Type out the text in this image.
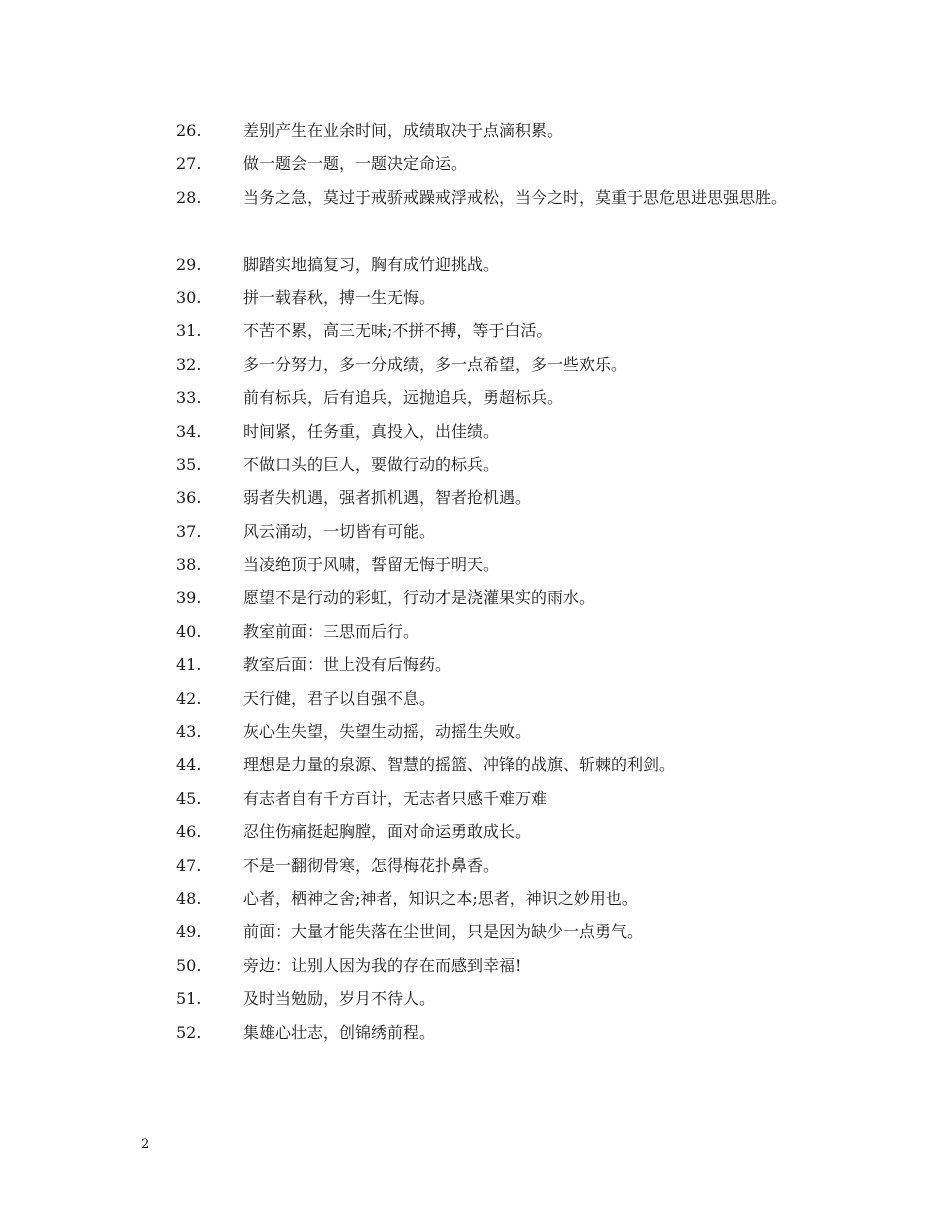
26.	差别产生在业余时间，成绩取决于点滴积累。
27.	做一题会一题，一题决定命运。
28.	当务之急，莫过于戒骄戒躁戒浮戒松，当今之时，莫重于思危思进思强思胜。
29.	脚踏实地搞复习，胸有成竹迎挑战。
30.	拼一载春秋，搏一生无悔。
31.	不苦不累，高三无味;不拼不搏，等于白活。
32.	多一分努力，多一分成绩，多一点希望，多一些欢乐。
33.	前有标兵，后有追兵，远抛追兵，勇超标兵。
34.	时间紧，任务重，真投入，出佳绩。
35.	不做口头的巨人，要做行动的标兵。
36.	弱者失机遇，强者抓机遇，智者抢机遇。
37.	风云涌动，一切皆有可能。
38.	当凌绝顶于风啸，誓留无悔于明天。
39.	愿望不是行动的彩虹，行动才是浇灌果实的雨水。
40.	教室前面：三思而后行。
41.	教室后面：世上没有后悔药。
42.	天行健，君子以自强不息。
43.	灰心生失望，失望生动摇，动摇生失败。
44.	理想是力量的泉源、智慧的摇篮、冲锋的战旗、斩棘的利剑。
45.	有志者自有千方百计，无志者只感千难万难
46.	忍住伤痛挺起胸膛，面对命运勇敢成长。
47.	不是一翻彻骨寒，怎得梅花扑鼻香。
48.	心者，栖神之舍;神者，知识之本;思者，神识之妙用也。
49.	前面：大量才能失落在尘世间，只是因为缺少一点勇气。
50.	旁边：让别人因为我的存在而感到幸福!
51.	及时当勉励，岁月不待人。
52.	集雄心壮志，创锦绣前程。
2
